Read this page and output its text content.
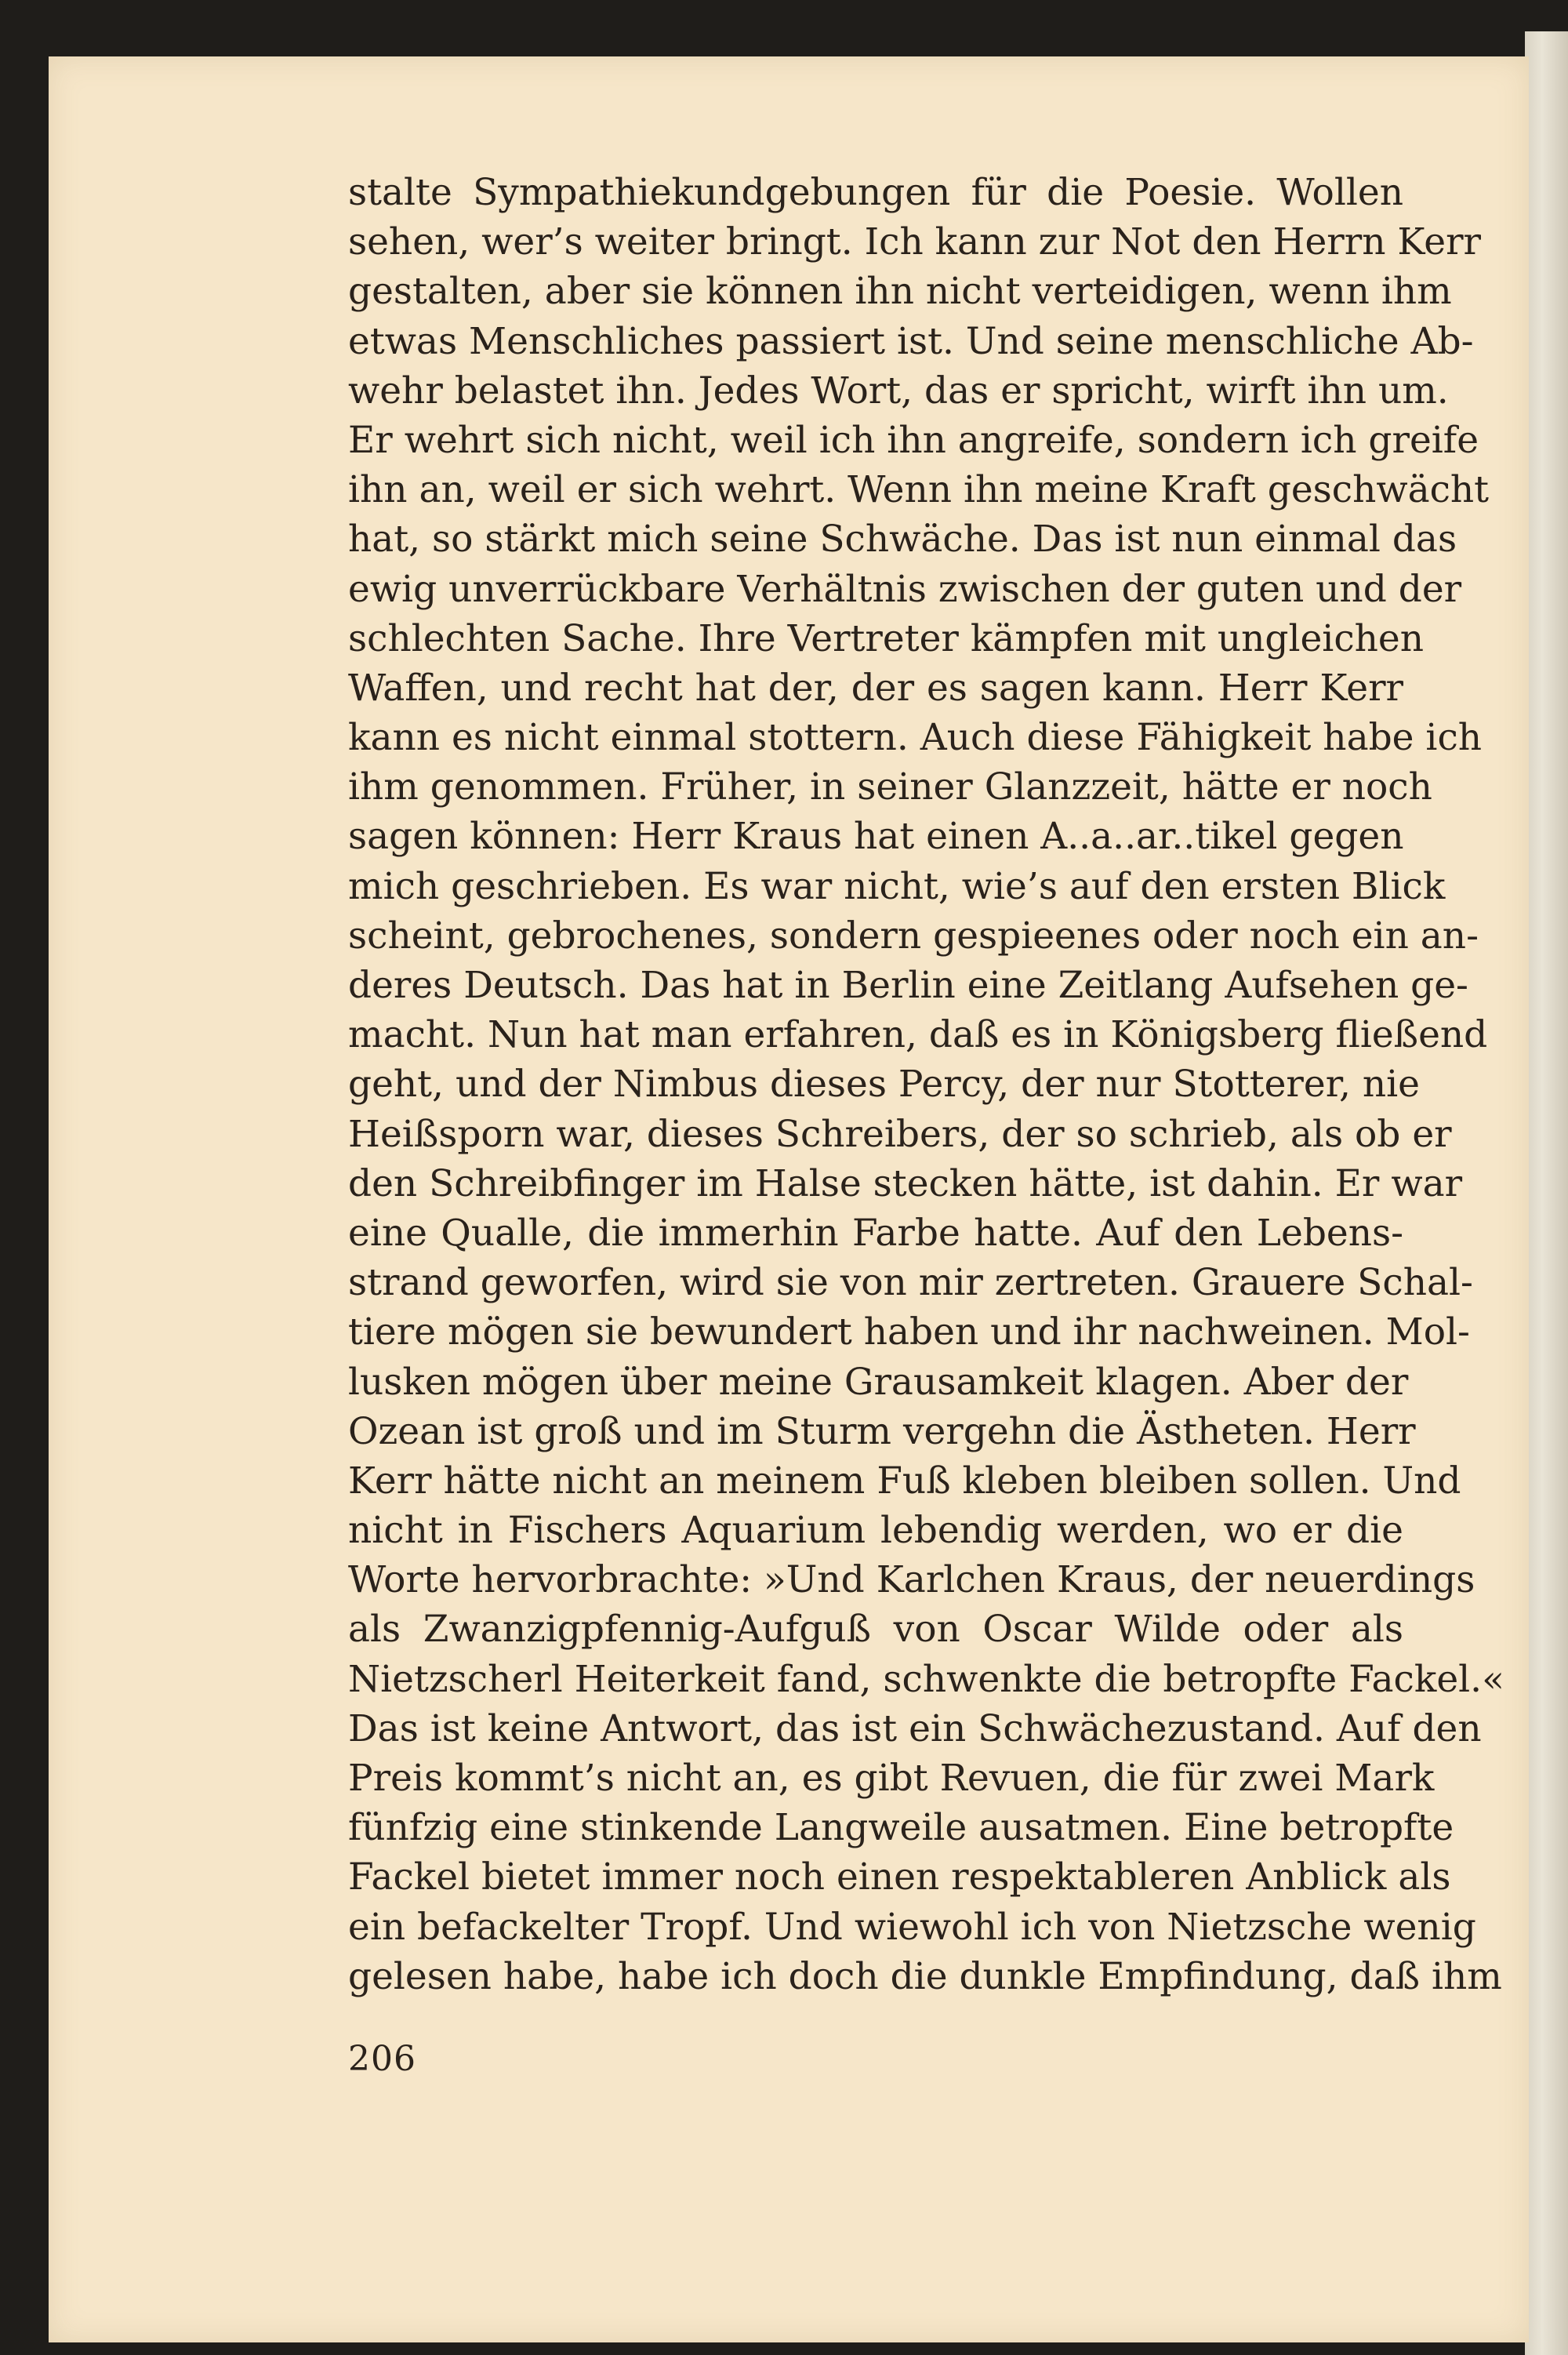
stalte Sympathiekundgebungen für die Poesie. Wollen
sehen, wer’s weiter bringt. Ich kann zur Not den Herrn Kerr
gestalten, aber sie können ihn nicht verteidigen, wenn ihm
etwas Menschliches passiert ist. Und seine menschliche Ab-
wehr belastet ihn. Jedes Wort, das er spricht, wirft ihn um.
Er wehrt sich nicht, weil ich ihn angreife, sondern ich greife
ihn an, weil er sich wehrt. Wenn ihn meine Kraft geschwächt
hat, so stärkt mich seine Schwäche. Das ist nun einmal das
ewig unverrückbare Verhältnis zwischen der guten und der
schlechten Sache. Ihre Vertreter kämpfen mit ungleichen
Waffen, und recht hat der, der es sagen kann. Herr Kerr
kann es nicht einmal stottern. Auch diese Fähigkeit habe ich
ihm genommen. Früher, in seiner Glanzzeit, hätte er noch
sagen können: Herr Kraus hat einen A..a..ar..tikel gegen
mich geschrieben. Es war nicht, wie’s auf den ersten Blick
scheint, gebrochenes, sondern gespieenes oder noch ein an-
deres Deutsch. Das hat in Berlin eine Zeitlang Aufsehen ge-
macht. Nun hat man erfahren, daß es in Königsberg fließend
geht, und der Nimbus dieses Percy, der nur Stotterer, nie
Heißsporn war, dieses Schreibers, der so schrieb, als ob er
den Schreibfinger im Halse stecken hätte, ist dahin. Er war
eine Qualle, die immerhin Farbe hatte. Auf den Lebens-
strand geworfen, wird sie von mir zertreten. Grauere Schal-
tiere mögen sie bewundert haben und ihr nachweinen. Mol-
lusken mögen über meine Grausamkeit klagen. Aber der
Ozean ist groß und im Sturm vergehn die Ästheten. Herr
Kerr hätte nicht an meinem Fuß kleben bleiben sollen. Und
nicht in Fischers Aquarium lebendig werden, wo er die
Worte hervorbrachte: »Und Karlchen Kraus, der neuerdings
als Zwanzigpfennig-Aufguß von Oscar Wilde oder als
Nietzscherl Heiterkeit fand, schwenkte die betropfte Fackel.«
Das ist keine Antwort, das ist ein Schwächezustand. Auf den
Preis kommt’s nicht an, es gibt Revuen, die für zwei Mark
fünfzig eine stinkende Langweile ausatmen. Eine betropfte
Fackel bietet immer noch einen respektableren Anblick als
ein befackelter Tropf. Und wiewohl ich von Nietzsche wenig
gelesen habe, habe ich doch die dunkle Empfindung, daß ihm
206
